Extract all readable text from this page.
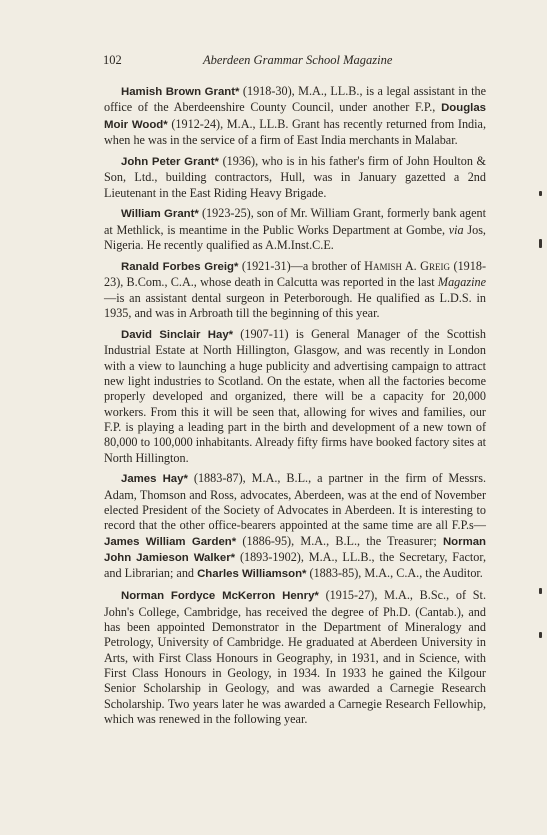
102	Aberdeen Grammar School Magazine

Hamish Brown Grant* (1918-30), M.A., LL.B., is a legal assistant in the office of the Aberdeenshire County Council, under another F.P., Douglas Moir Wood* (1912-24), M.A., LL.B. Grant has recently returned from India, when he was in the service of a firm of East India merchants in Malabar.

John Peter Grant* (1936), who is in his father's firm of John Houlton & Son, Ltd., building contractors, Hull, was in January gazetted a 2nd Lieutenant in the East Riding Heavy Brigade.

William Grant* (1923-25), son of Mr. William Grant, formerly bank agent at Methlick, is meantime in the Public Works Department at Gombe, via Jos, Nigeria. He recently qualified as A.M.Inst.C.E.

Ranald Forbes Greig* (1921-31)—a brother of Hamish A. Greig (1918-23), B.Com., C.A., whose death in Calcutta was reported in the last Magazine—is an assistant dental surgeon in Peterborough. He qualified as L.D.S. in 1935, and was in Arbroath till the beginning of this year.

David Sinclair Hay* (1907-11) is General Manager of the Scottish Industrial Estate at North Hillington, Glasgow, and was recently in London with a view to launching a huge publicity and advertising campaign to attract new light industries to Scotland. On the estate, when all the factories become properly developed and organized, there will be a capacity for 20,000 workers. From this it will be seen that, allowing for wives and families, our F.P. is playing a leading part in the birth and development of a new town of 80,000 to 100,000 inhabitants. Already fifty firms have booked factory sites at North Hillington.

James Hay* (1883-87), M.A., B.L., a partner in the firm of Messrs. Adam, Thomson and Ross, advocates, Aberdeen, was at the end of November elected President of the Society of Advocates in Aberdeen. It is interesting to record that the other office-bearers appointed at the same time are all F.P.s—James William Garden* (1886-95), M.A., B.L., the Treasurer; Norman John Jamieson Walker* (1893-1902), M.A., LL.B., the Secretary, Factor, and Librarian; and Charles Williamson* (1883-85), M.A., C.A., the Auditor.

Norman Fordyce McKerron Henry* (1915-27), M.A., B.Sc., of St. John's College, Cambridge, has received the degree of Ph.D. (Cantab.), and has been appointed Demonstrator in the Department of Mineralogy and Petrology, University of Cambridge. He graduated at Aberdeen University in Arts, with First Class Honours in Geography, in 1931, and in Science, with First Class Honours in Geology, in 1934. In 1933 he gained the Kilgour Senior Scholarship in Geology, and was awarded a Carnegie Research Scholarship. Two years later he was awarded a Carnegie Research Fellowhip, which was renewed in the following year.
